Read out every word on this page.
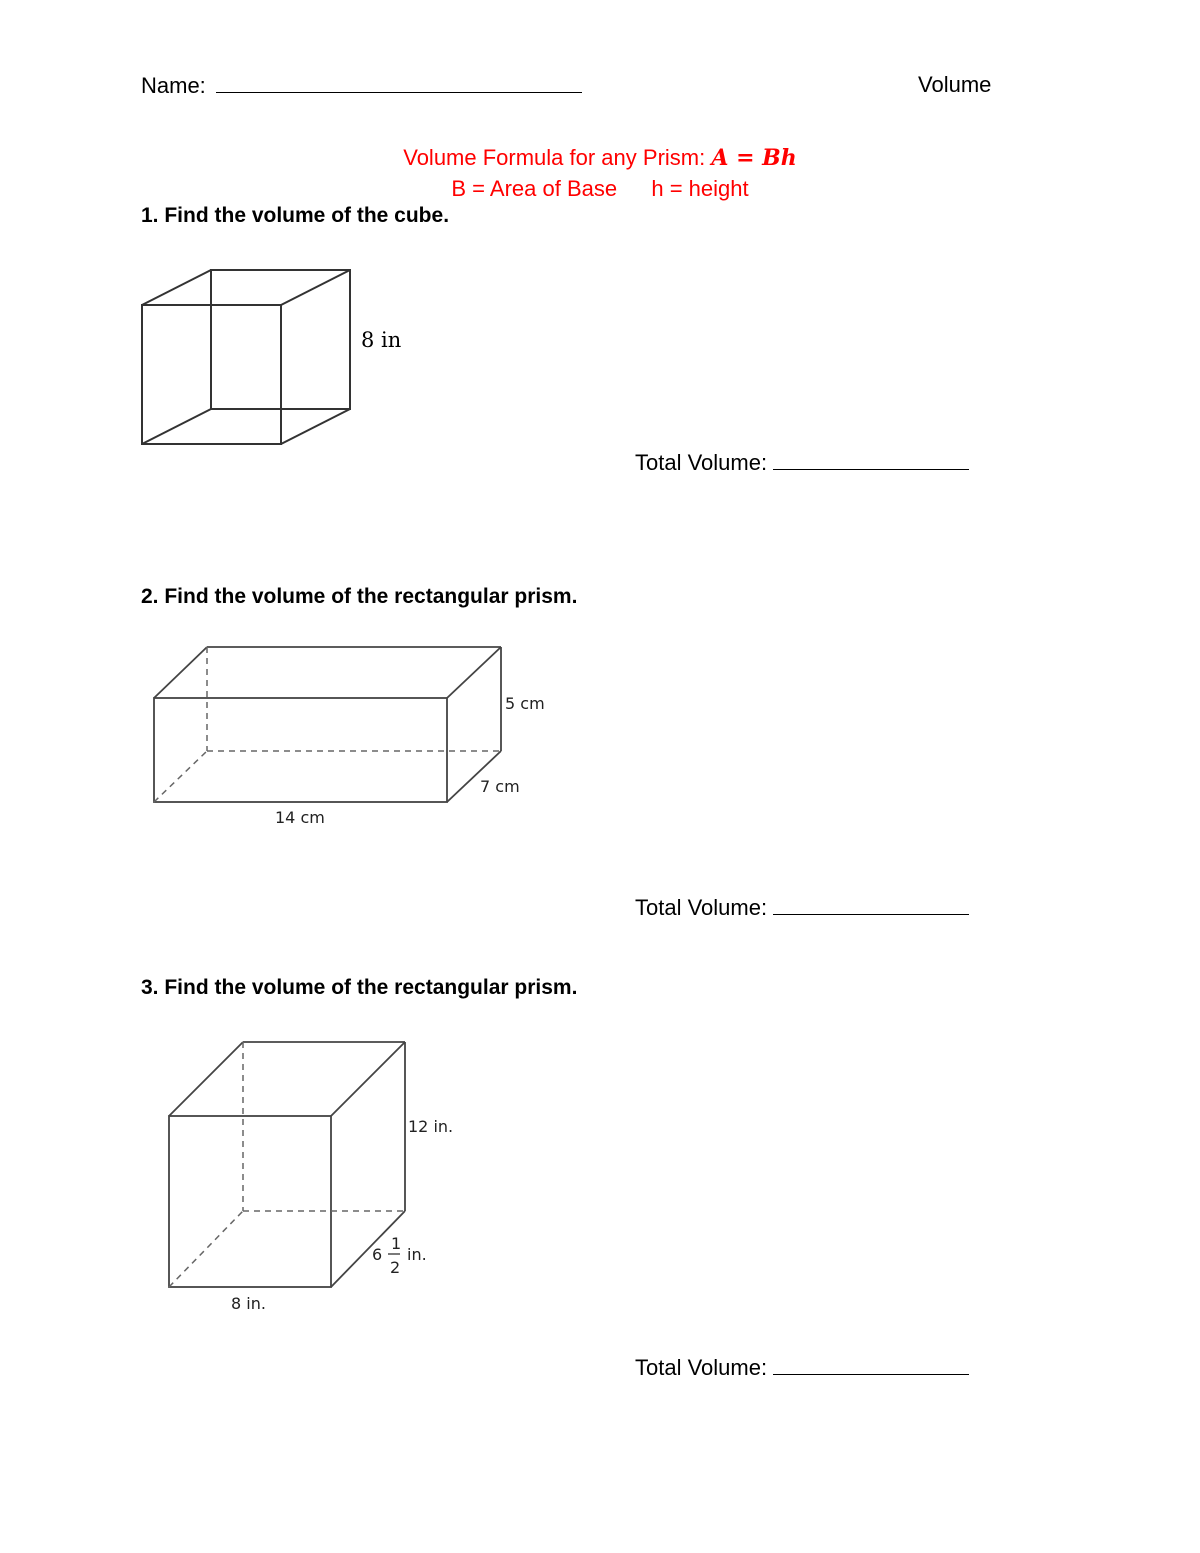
Name:	Volume
Volume Formula for any Prism: A = Bh
B = Area of Base h = height
1. Find the volume of the cube.
8 in
Total Volume:
2. Find the volume of the rectangular prism.
5 cm
7 cm
14 cm
Total Volume:
3. Find the volume of the rectangular prism.
12 in.
6
1
2
in.
8 in.
Total Volume:
